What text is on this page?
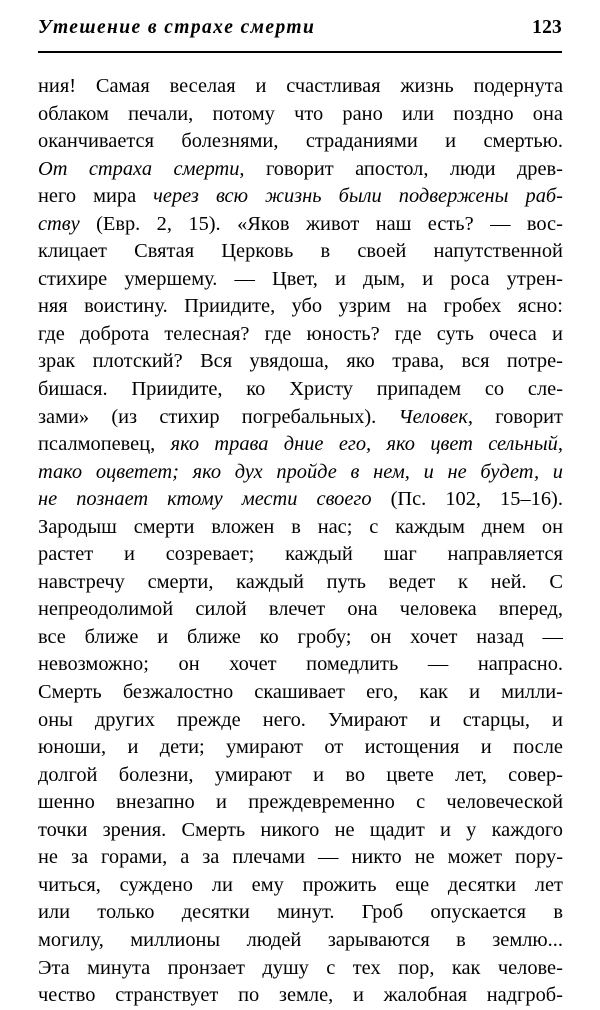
Утешение в страхе смерти	123
ния! Самая веселая и счастливая жизнь подернута
облаком печали, потому что рано или поздно она
оканчивается болезнями, страданиями и смертью.
От страха смерти, говорит апостол, люди древ-
него мира через всю жизнь были подвержены раб-
ству (Евр. 2, 15). «Яков живот наш есть? — вос-
клицает Святая Церковь в своей напутственной
стихире умершему. — Цвет, и дым, и роса утрен-
няя воистину. Приидите, убо узрим на гробех ясно:
где доброта телесная? где юность? где суть очеса и
зрак плотский? Вся увядоша, яко трава, вся потре-
бишася. Приидите, ко Христу припадем со сле-
зами» (из стихир погребальных). Человек, говорит
псалмопевец, яко трава дние его, яко цвет сельный,
тако оцветет; яко дух пройде в нем, и не будет, и
не познает ктому мести своего (Пс. 102, 15–16).
Зародыш смерти вложен в нас; с каждым днем он
растет и созревает; каждый шаг направляется
навстречу смерти, каждый путь ведет к ней. С
непреодолимой силой влечет она человека вперед,
все ближе и ближе ко гробу; он хочет назад —
невозможно; он хочет помедлить — напрасно.
Смерть безжалостно скашивает его, как и милли-
оны других прежде него. Умирают и старцы, и
юноши, и дети; умирают от истощения и после
долгой болезни, умирают и во цвете лет, совер-
шенно внезапно и преждевременно с человеческой
точки зрения. Смерть никого не щадит и у каждого
не за горами, а за плечами — никто не может пору-
читься, суждено ли ему прожить еще десятки лет
или только десятки минут. Гроб опускается в
могилу, миллионы людей зарываются в землю...
Эта минута пронзает душу с тех пор, как челове-
чество странствует по земле, и жалобная надгроб-
